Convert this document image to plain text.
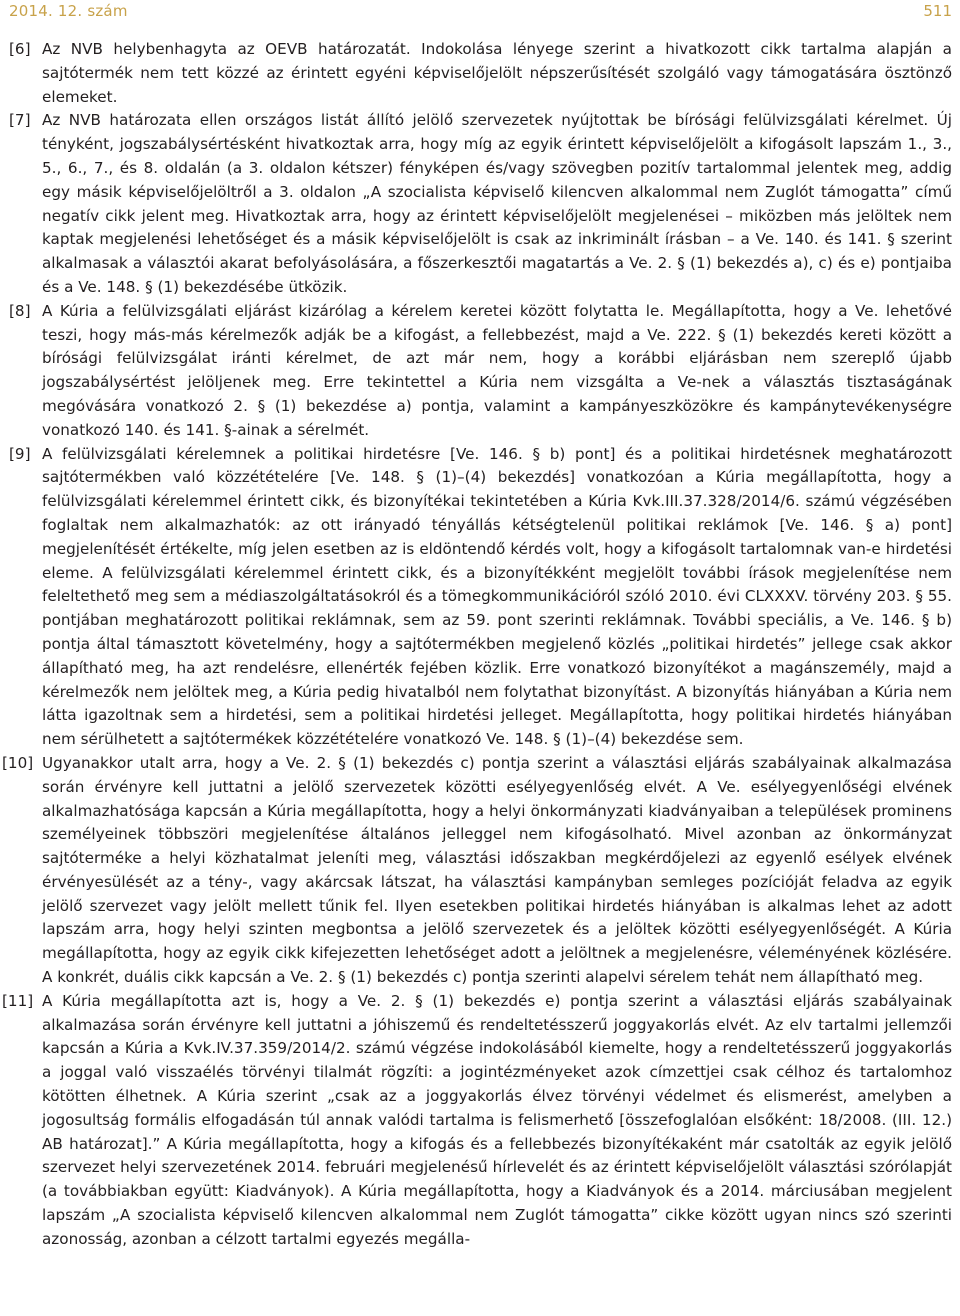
2014. 12. szám	511

[6] Az NVB helybenhagyta az OEVB határozatát. Indokolása lényege szerint a hivatkozott cikk tartalma alapján a sajtótermék nem tett közzé az érintett egyéni képviselőjelölt népszerűsítését szolgáló vagy támogatására ösztönző elemeket.

[7] Az NVB határozata ellen országos listát állító jelölő szervezetek nyújtottak be bírósági felülvizsgálati kérelmet. Új tényként, jogszabálysértésként hivatkoztak arra, hogy míg az egyik érintett képviselőjelölt a kifogásolt lapszám 1., 3., 5., 6., 7., és 8. oldalán (a 3. oldalon kétszer) fényképen és/vagy szövegben pozitív tartalommal jelentek meg, addig egy másik képviselőjelöltről a 3. oldalon „A szocialista képviselő kilencven alkalommal nem Zuglót támogatta” című negatív cikk jelent meg. Hivatkoztak arra, hogy az érintett képviselőjelölt megjelenései – miközben más jelöltek nem kaptak megjelenési lehetőséget és a másik képviselőjelölt is csak az inkriminált írásban – a Ve. 140. és 141. § szerint alkalmasak a választói akarat befolyásolására, a főszerkesztői magatartás a Ve. 2. § (1) bekezdés a), c) és e) pontjaiba és a Ve. 148. § (1) bekezdésébe ütközik.

[8] A Kúria a felülvizsgálati eljárást kizárólag a kérelem keretei között folytatta le. Megállapította, hogy a Ve. lehetővé teszi, hogy más-más kérelmezők adják be a kifogást, a fellebbezést, majd a Ve. 222. § (1) bekezdés kereti között a bírósági felülvizsgálat iránti kérelmet, de azt már nem, hogy a korábbi eljárásban nem szereplő újabb jogszabálysértést jelöljenek meg. Erre tekintettel a Kúria nem vizsgálta a Ve-nek a választás tisztaságának megóvására vonatkozó 2. § (1) bekezdése a) pontja, valamint a kampányeszközökre és kampánytevékenységre vonatkozó 140. és 141. §-ainak a sérelmét.

[9] A felülvizsgálati kérelemnek a politikai hirdetésre [Ve. 146. § b) pont] és a politikai hirdetésnek meghatározott sajtótermékben való közzétételére [Ve. 148. § (1)–(4) bekezdés] vonatkozóan a Kúria megállapította, hogy a felülvizsgálati kérelemmel érintett cikk, és bizonyítékai tekintetében a Kúria Kvk.III.37.328/2014/6. számú végzésében foglaltak nem alkalmazhatók: az ott irányadó tényállás kétségtelenül politikai reklámok [Ve. 146. § a) pont] megjelenítését értékelte, míg jelen esetben az is eldöntendő kérdés volt, hogy a kifogásolt tartalomnak van-e hirdetési eleme. A felülvizsgálati kérelemmel érintett cikk, és a bizonyítékként megjelölt további írások megjelenítése nem feleltethető meg sem a médiaszolgáltatásokról és a tömegkommunikációról szóló 2010. évi CLXXXV. törvény 203. § 55. pontjában meghatározott politikai reklámnak, sem az 59. pont szerinti reklámnak. További speciális, a Ve. 146. § b) pontja által támasztott követelmény, hogy a sajtótermékben megjelenő közlés „politikai hirdetés” jellege csak akkor állapítható meg, ha azt rendelésre, ellenérték fejében közlik. Erre vonatkozó bizonyítékot a magánszemély, majd a kérelmezők nem jelöltek meg, a Kúria pedig hivatalból nem folytathat bizonyítást. A bizonyítás hiányában a Kúria nem látta igazoltnak sem a hirdetési, sem a politikai hirdetési jelleget. Megállapította, hogy politikai hirdetés hiányában nem sérülhetett a sajtótermékek közzétételére vonatkozó Ve. 148. § (1)–(4) bekezdése sem.

[10] Ugyanakkor utalt arra, hogy a Ve. 2. § (1) bekezdés c) pontja szerint a választási eljárás szabályainak alkalmazása során érvényre kell juttatni a jelölő szervezetek közötti esélyegyenlőség elvét. A Ve. esélyegyenlőségi elvének alkalmazhatósága kapcsán a Kúria megállapította, hogy a helyi önkormányzati kiadványaiban a települések prominens személyeinek többszöri megjelenítése általános jelleggel nem kifogásolható. Mivel azonban az önkormányzat sajtóterméke a helyi közhatalmat jeleníti meg, választási időszakban megkérdőjelezi az egyenlő esélyek elvének érvényesülését az a tény-, vagy akárcsak látszat, ha választási kampányban semleges pozícióját feladva az egyik jelölő szervezet vagy jelölt mellett tűnik fel. Ilyen esetekben politikai hirdetés hiányában is alkalmas lehet az adott lapszám arra, hogy helyi szinten megbontsa a jelölő szervezetek és a jelöltek közötti esélyegyenlőségét. A Kúria megállapította, hogy az egyik cikk kifejezetten lehetőséget adott a jelöltnek a megjelenésre, véleményének közlésére. A konkrét, duális cikk kapcsán a Ve. 2. § (1) bekezdés c) pontja szerinti alapelvi sérelem tehát nem állapítható meg.

[11] A Kúria megállapította azt is, hogy a Ve. 2. § (1) bekezdés e) pontja szerint a választási eljárás szabályainak alkalmazása során érvényre kell juttatni a jóhiszemű és rendeltetésszerű joggyakorlás elvét. Az elv tartalmi jellemzői kapcsán a Kúria a Kvk.IV.37.359/2014/2. számú végzése indokolásából kiemelte, hogy a rendeltetésszerű joggyakorlás a joggal való visszaélés törvényi tilalmát rögzíti: a jogintézményeket azok címzettjei csak célhoz és tartalomhoz kötötten élhetnek. A Kúria szerint „csak az a joggyakorlás élvez törvényi védelmet és elismerést, amelyben a jogosultság formális elfogadásán túl annak valódi tartalma is felismerhető [összefoglalóan elsőként: 18/2008. (III. 12.) AB határozat].” A Kúria megállapította, hogy a kifogás és a fellebbezés bizonyítékaként már csatolták az egyik jelölő szervezet helyi szervezetének 2014. februári megjelenésű hírlevelét és az érintett képviselőjelölt választási szórólapját (a továbbiakban együtt: Kiadványok). A Kúria megállapította, hogy a Kiadványok és a 2014. márciusában megjelent lapszám „A szocialista képviselő kilencven alkalommal nem Zuglót támogatta” cikke között ugyan nincs szó szerinti azonosság, azonban a célzott tartalmi egyezés megálla-
